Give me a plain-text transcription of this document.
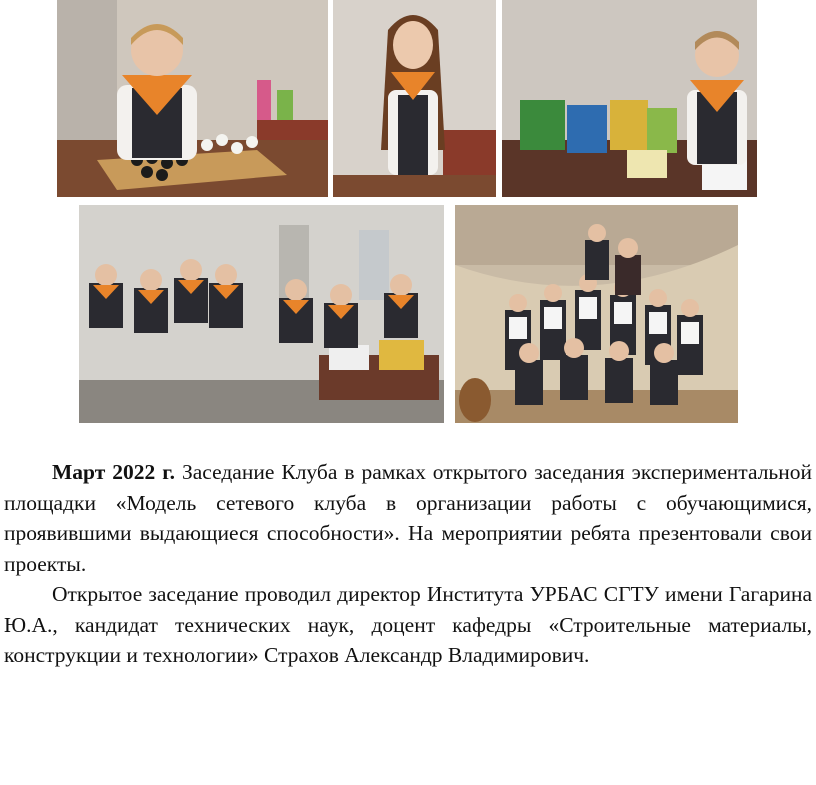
Март 2022 г. Заседание Клуба в рамках открытого заседания экспериментальной площадки «Модель сетевого клуба в организации работы с обучающимися, проявившими выдающиеся способности». На мероприятии ребята презентовали свои проекты.

Открытое заседание проводил директор Института УРБАС СГТУ имени Гагарина Ю.А., кандидат технических наук, доцент кафедры «Строительные материалы, конструкции и технологии» Страхов Александр Владимирович.
